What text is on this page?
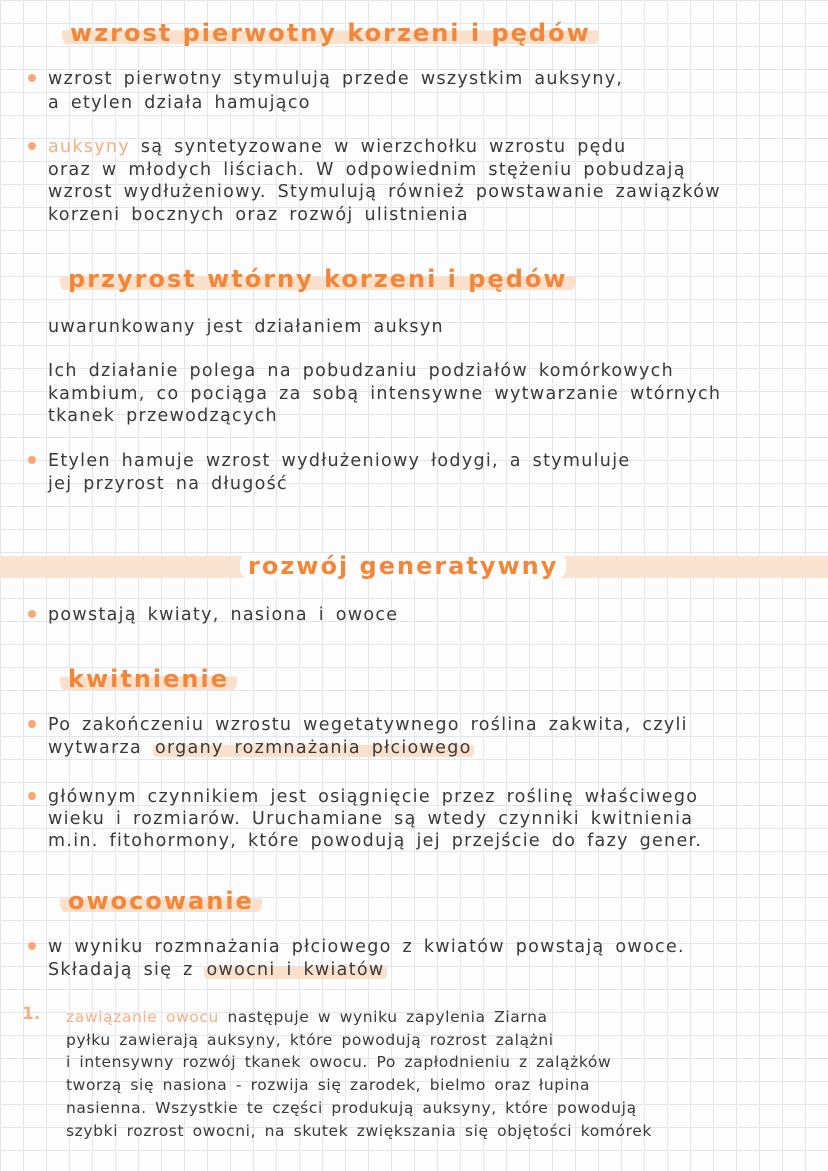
wzrost pierwotny korzeni i pędów
wzrost pierwotny stymulują przede wszystkim auksyny,
a etylen działa hamująco
auksyny są syntetyzowane w wierzchołku wzrostu pędu
oraz w młodych liściach. W odpowiednim stężeniu pobudzają
wzrost wydłużeniowy. Stymulują również powstawanie zawiązków
korzeni bocznych oraz rozwój ulistnienia
przyrost wtórny korzeni i pędów
uwarunkowany jest działaniem auksyn
Ich działanie polega na pobudzaniu podziałów komórkowych
kambium, co pociąga za sobą intensywne wytwarzanie wtórnych
tkanek przewodzących
Etylen hamuje wzrost wydłużeniowy łodygi, a stymuluje
jej przyrost na długość
rozwój generatywny
powstają kwiaty, nasiona i owoce
kwitnienie
Po zakończeniu wzrostu wegetatywnego roślina zakwita, czyli
wytwarza organy rozmnażania płciowego
głównym czynnikiem jest osiągnięcie przez roślinę właściwego
wieku i rozmiarów. Uruchamiane są wtedy czynniki kwitnienia
m.in. fitohormony, które powodują jej przejście do fazy gener.
owocowanie
w wyniku rozmnażania płciowego z kwiatów powstają owoce.
Składają się z owocni i kwiatów
1. zawiązanie owocu następuje w wyniku zapylenia Ziarna
pyłku zawierają auksyny, które powodują rozrost zalążni
i intensywny rozwój tkanek owocu. Po zapłodnieniu z zalążków
tworzą się nasiona - rozwija się zarodek, bielmo oraz łupina
nasienna. Wszystkie te części produkują auksyny, które powodują
szybki rozrost owocni, na skutek zwiększania się objętości komórek
